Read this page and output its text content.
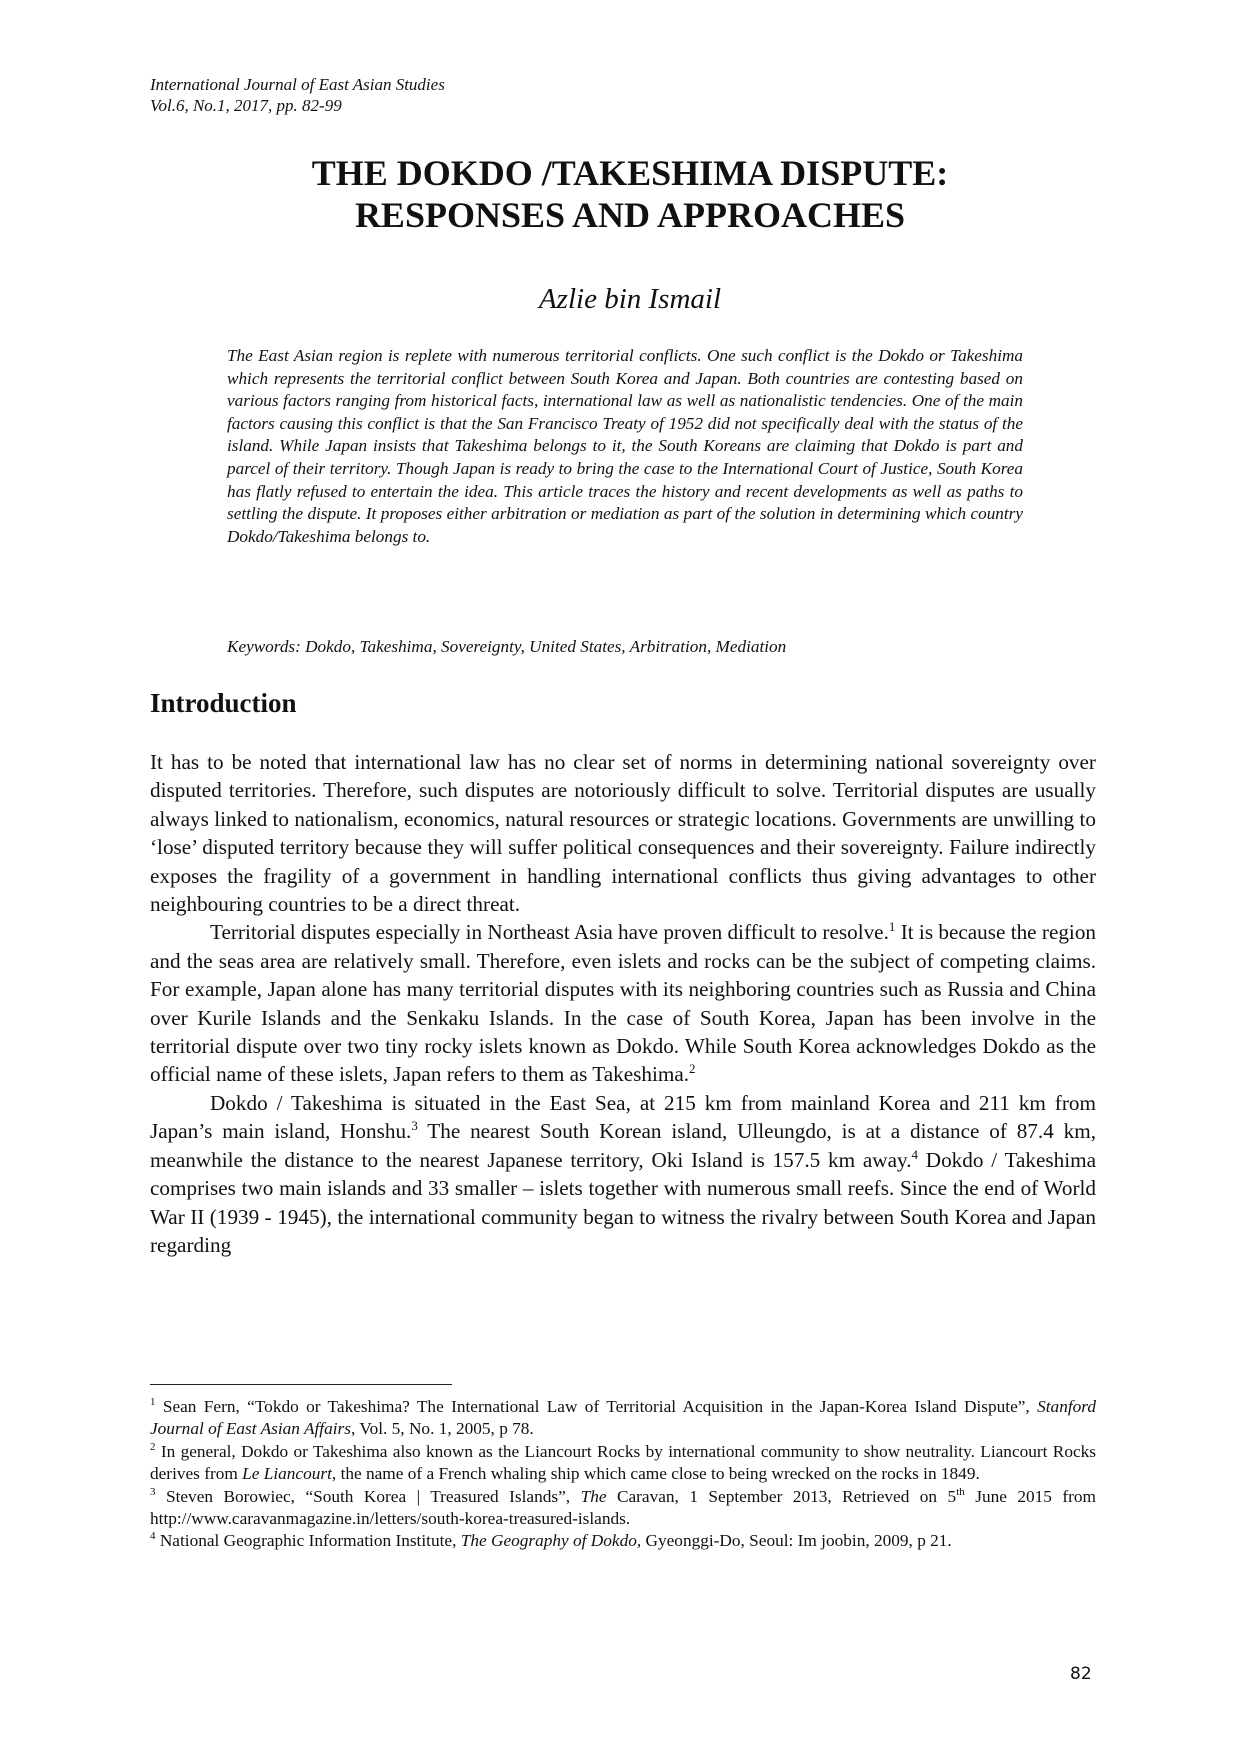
International Journal of East Asian Studies
Vol.6, No.1, 2017, pp. 82-99
THE DOKDO /TAKESHIMA DISPUTE:
RESPONSES AND APPROACHES
Azlie bin Ismail

The East Asian region is replete with numerous territorial conflicts. One such conflict is the Dokdo or Takeshima which represents the territorial conflict between South Korea and Japan. Both countries are contesting based on various factors ranging from historical facts, international law as well as nationalistic tendencies. One of the main factors causing this conflict is that the San Francisco Treaty of 1952 did not specifically deal with the status of the island. While Japan insists that Takeshima belongs to it, the South Koreans are claiming that Dokdo is part and parcel of their territory. Though Japan is ready to bring the case to the International Court of Justice, South Korea has flatly refused to entertain the idea. This article traces the history and recent developments as well as paths to settling the dispute. It proposes either arbitration or mediation as part of the solution in determining which country Dokdo/Takeshima belongs to.

Keywords: Dokdo, Takeshima, Sovereignty, United States, Arbitration, Mediation

Introduction

It has to be noted that international law has no clear set of norms in determining national sovereignty over disputed territories. Therefore, such disputes are notoriously difficult to solve. Territorial disputes are usually always linked to nationalism, economics, natural resources or strategic locations. Governments are unwilling to ‘lose’ disputed territory because they will suffer political consequences and their sovereignty. Failure indirectly exposes the fragility of a government in handling international conflicts thus giving advantages to other neighbouring countries to be a direct threat.

Territorial disputes especially in Northeast Asia have proven difficult to resolve.$^1$ It is because the region and the seas area are relatively small. Therefore, even islets and rocks can be the subject of competing claims. For example, Japan alone has many territorial disputes with its neighboring countries such as Russia and China over Kurile Islands and the Senkaku Islands. In the case of South Korea, Japan has been involve in the territorial dispute over two tiny rocky islets known as Dokdo. While South Korea acknowledges Dokdo as the official name of these islets, Japan refers to them as Takeshima.$^2$

Dokdo / Takeshima is situated in the East Sea, at 215 km from mainland Korea and 211 km from Japan’s main island, Honshu.$^3$ The nearest South Korean island, Ulleungdo, is at a distance of 87.4 km, meanwhile the distance to the nearest Japanese territory, Oki Island is 157.5 km away.$^4$ Dokdo / Takeshima comprises two main islands and 33 smaller – islets together with numerous small reefs. Since the end of World War II (1939 - 1945), the international community began to witness the rivalry between South Korea and Japan regarding

$^1$ Sean Fern, “Tokdo or Takeshima? The International Law of Territorial Acquisition in the Japan-Korea Island Dispute”, Stanford Journal of East Asian Affairs, Vol. 5, No. 1, 2005, p 78.

$^2$ In general, Dokdo or Takeshima also known as the Liancourt Rocks by international community to show neutrality. Liancourt Rocks derives from Le Liancourt, the name of a French whaling ship which came close to being wrecked on the rocks in 1849.

$^3$ Steven Borowiec, “South Korea | Treasured Islands”, The Caravan, 1 September 2013, Retrieved on 5th June 2015 from http://www.caravanmagazine.in/letters/south-korea-treasured-islands.

$^4$ National Geographic Information Institute, The Geography of Dokdo, Gyeonggi-Do, Seoul: Im joobin, 2009, p 21.

82
